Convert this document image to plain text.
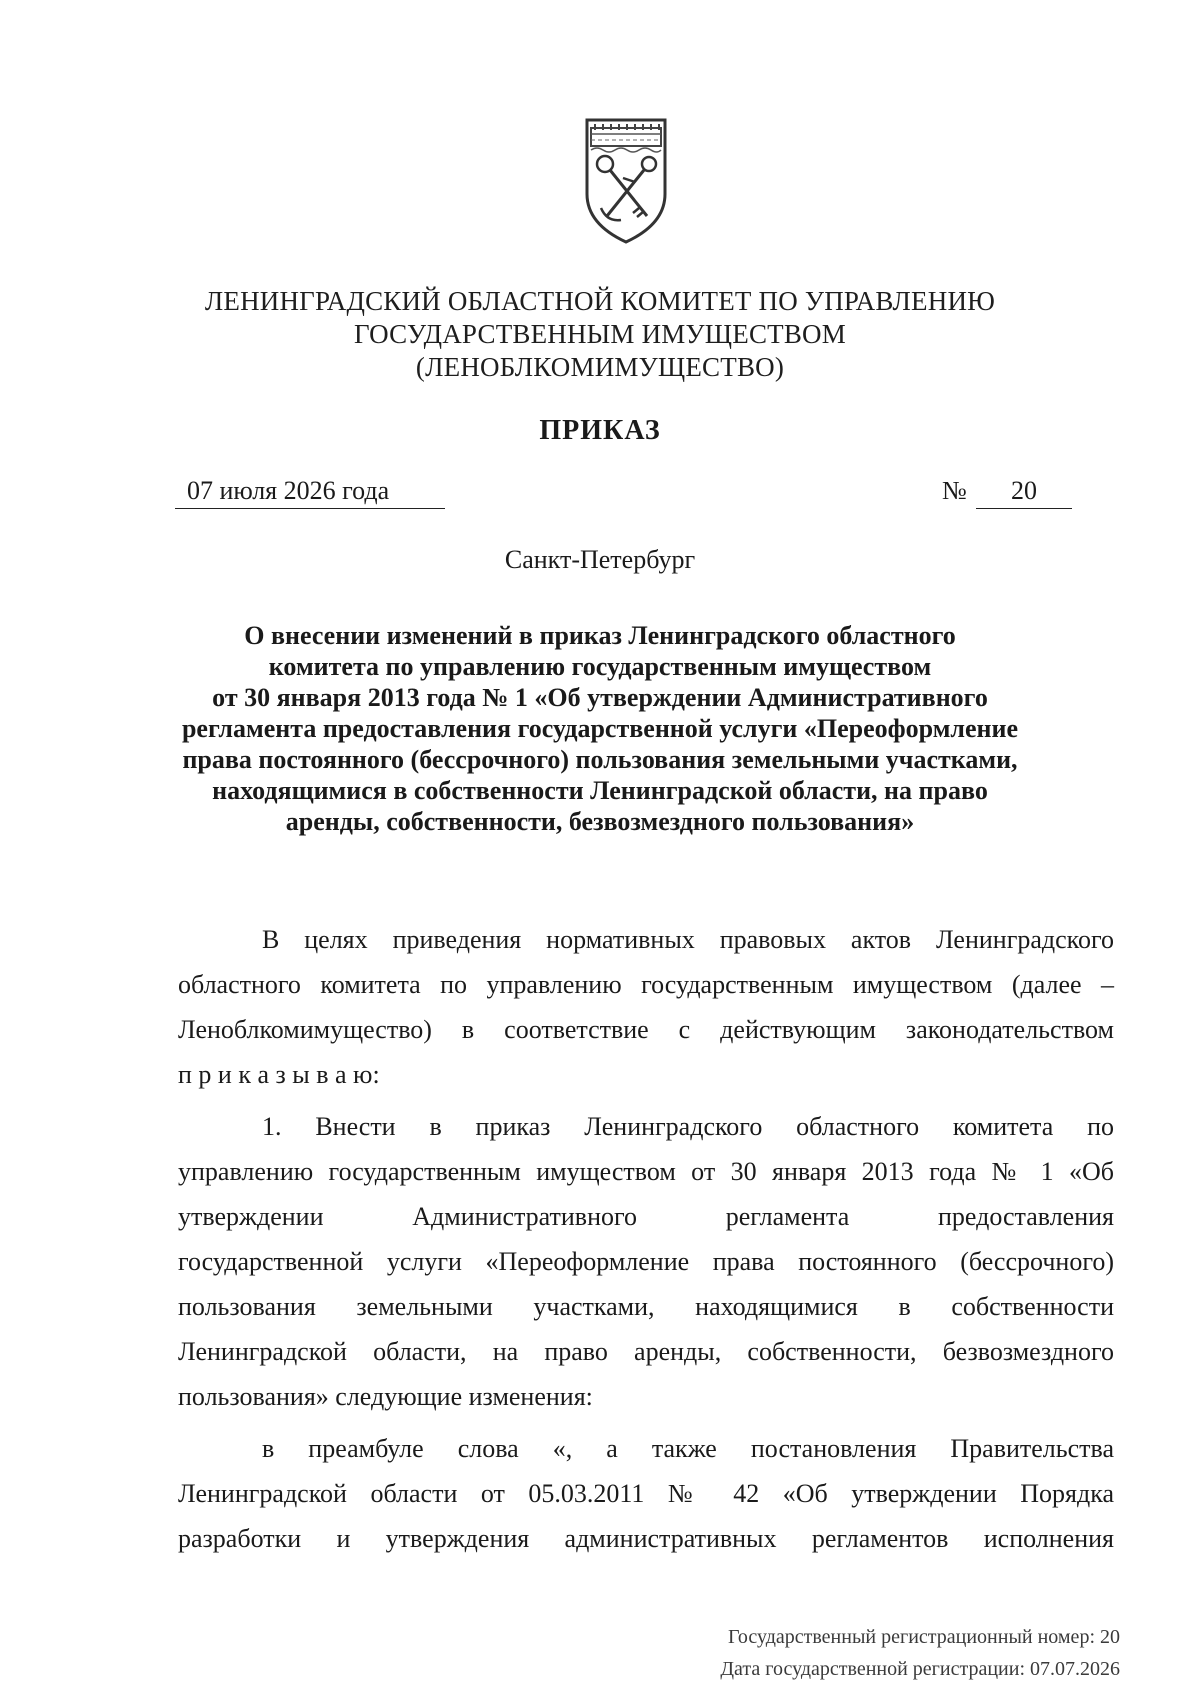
ЛЕНИНГРАДСКИЙ ОБЛАСТНОЙ КОМИТЕТ ПО УПРАВЛЕНИЮ
ГОСУДАРСТВЕННЫМ ИМУЩЕСТВОМ
(ЛЕНОБЛКОМИМУЩЕСТВО)
ПРИКАЗ
07 июля 2026 года	№	20
Санкт-Петербург
О внесении изменений в приказ Ленинградского областного
комитета по управлению государственным имуществом
от 30 января 2013 года № 1 «Об утверждении Административного
регламента предоставления государственной услуги «Переоформление
права постоянного (бессрочного) пользования земельными участками,
находящимися в собственности Ленинградской области, на право
аренды, собственности, безвозмездного пользования»
В целях приведения нормативных правовых актов Ленинградского
областного комитета по управлению государственным имуществом (далее –
Леноблкомимущество) в соответствие с действующим законодательством
п р и к а з ы в а ю:
1. Внести в приказ Ленинградского областного комитета по
управлению государственным имуществом от 30 января 2013 года № 1 «Об
утверждении Административного регламента предоставления
государственной услуги «Переоформление права постоянного (бессрочного)
пользования земельными участками, находящимися в собственности
Ленинградской области, на право аренды, собственности, безвозмездного
пользования» следующие изменения:
в преамбуле слова «, а также постановления Правительства
Ленинградской области от 05.03.2011 № 42 «Об утверждении Порядка
разработки и утверждения административных регламентов исполнения
Государственный регистрационный номер: 20
Дата государственной регистрации: 07.07.2026
